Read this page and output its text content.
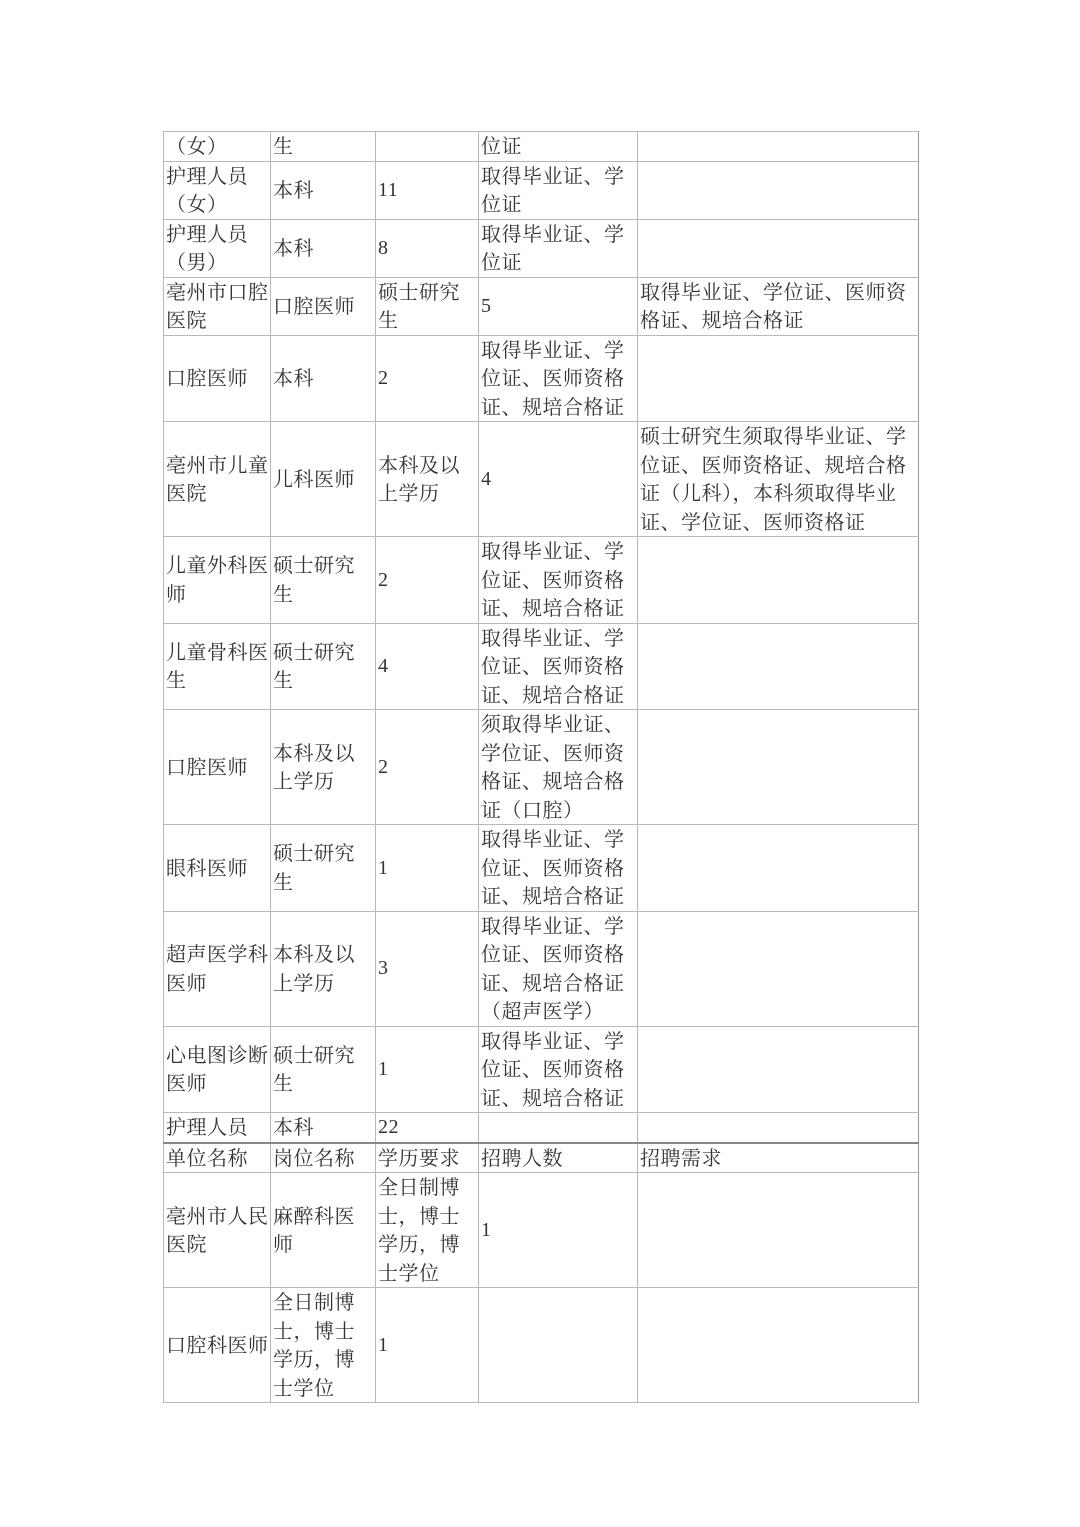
（女）	生		位证	
护理人员（女）	本科	11	取得毕业证、学位证	
护理人员（男）	本科	8	取得毕业证、学位证	
亳州市口腔医院	口腔医师	硕士研究生	5	取得毕业证、学位证、医师资格证、规培合格证
口腔医师	本科	2	取得毕业证、学位证、医师资格证、规培合格证	
亳州市儿童医院	儿科医师	本科及以上学历	4	硕士研究生须取得毕业证、学位证、医师资格证、规培合格证（儿科），本科须取得毕业证、学位证、医师资格证
儿童外科医师	硕士研究生	2	取得毕业证、学位证、医师资格证、规培合格证	
儿童骨科医生	硕士研究生	4	取得毕业证、学位证、医师资格证、规培合格证	
口腔医师	本科及以上学历	2	须取得毕业证、学位证、医师资格证、规培合格证（口腔）	
眼科医师	硕士研究生	1	取得毕业证、学位证、医师资格证、规培合格证	
超声医学科医师	本科及以上学历	3	取得毕业证、学位证、医师资格证、规培合格证（超声医学）	
心电图诊断医师	硕士研究生	1	取得毕业证、学位证、医师资格证、规培合格证	
护理人员	本科	22		
单位名称	岗位名称	学历要求	招聘人数	招聘需求
亳州市人民医院	麻醉科医师	全日制博士，博士学历，博士学位	1	
口腔科医师	全日制博士，博士学历，博士学位	1		
